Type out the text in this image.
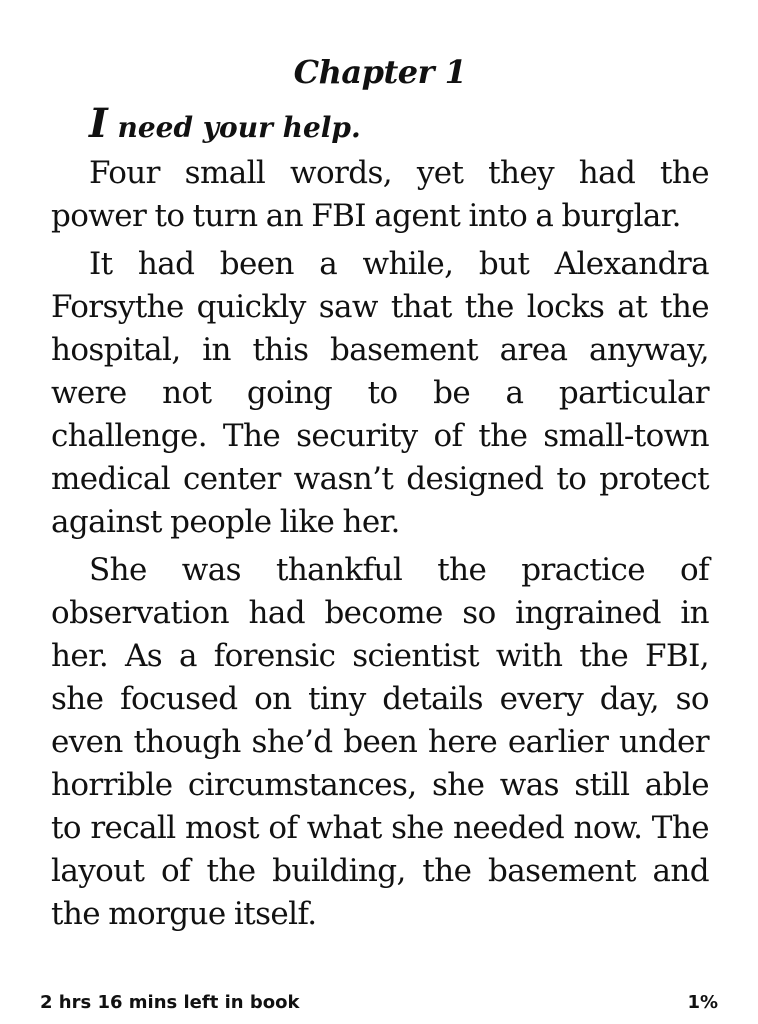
Chapter 1

I need your help.

Four small words, yet they had the power to turn an FBI agent into a burglar.

It had been a while, but Alexandra Forsythe quickly saw that the locks at the hospital, in this basement area anyway, were not going to be a particular challenge. The security of the small-town medical center wasn’t designed to protect against people like her.

She was thankful the practice of observation had become so ingrained in her. As a forensic scientist with the FBI, she focused on tiny details every day, so even though she’d been here earlier under horrible circumstances, she was still able to recall most of what she needed now. The layout of the building, the basement and the morgue itself.

2 hrs 16 mins left in book	1%
